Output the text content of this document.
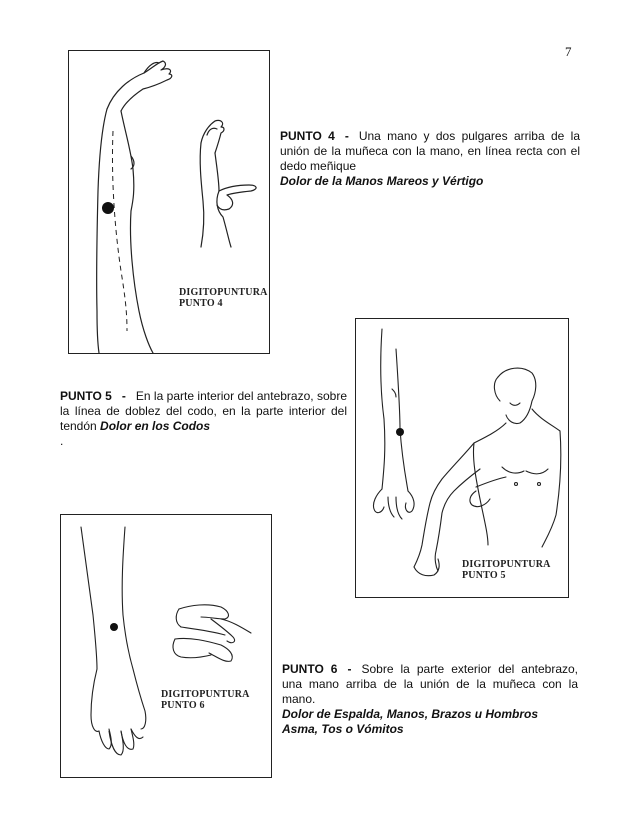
7
DIGITOPUNTURA
PUNTO 4
PUNTO 4 - Una mano y dos pulgares arriba de la unión de la muñeca con la mano, en línea recta con el dedo meñique
Dolor de la Manos Mareos y Vértigo
DIGITOPUNTURA
PUNTO 5
PUNTO 5 - En la parte interior del antebrazo, sobre la línea de doblez del codo, en la parte interior del tendón Dolor en los Codos
.
DIGITOPUNTURA
PUNTO 6
PUNTO 6 - Sobre la parte exterior del antebrazo, una mano arriba de la unión de la muñeca con la mano.
Dolor de Espalda, Manos, Brazos u Hombros
Asma, Tos o Vómitos
